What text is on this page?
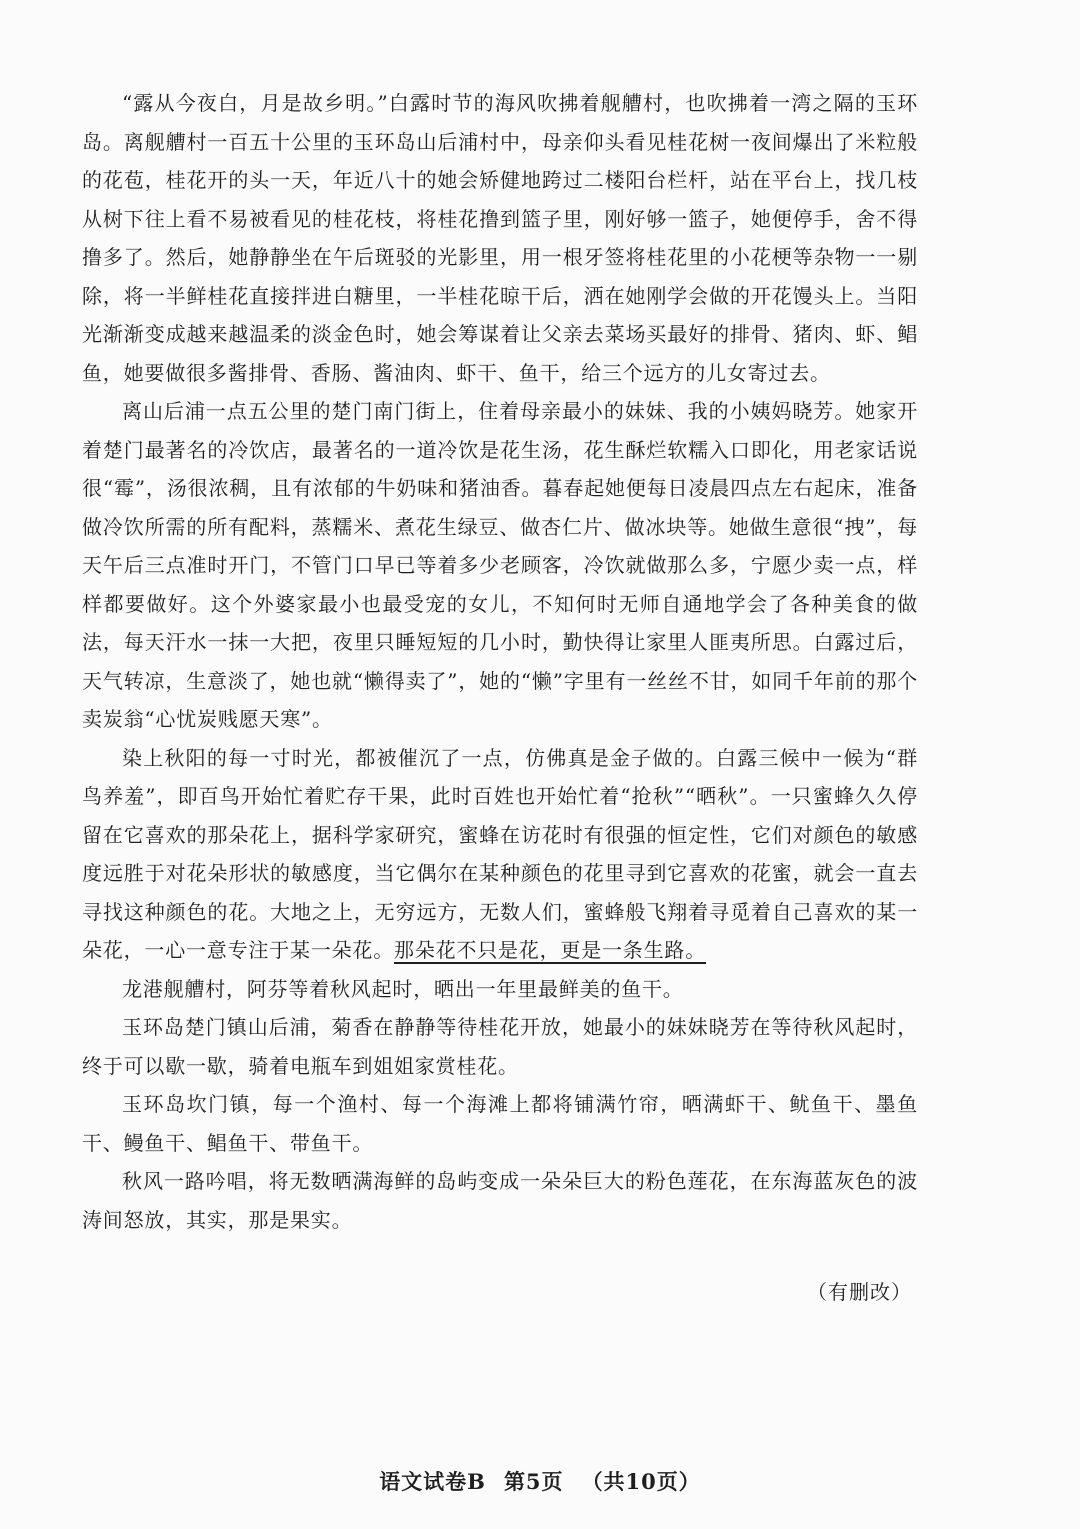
“露从今夜白，月是故乡明。”白露时节的海风吹拂着舰艚村，也吹拂着一湾之隔的玉环岛。离舰艚村一百五十公里的玉环岛山后浦村中，母亲仰头看见桂花树一夜间爆出了米粒般的花苞，桂花开的头一天，年近八十的她会矫健地跨过二楼阳台栏杆，站在平台上，找几枝从树下往上看不易被看见的桂花枝，将桂花撸到篮子里，刚好够一篮子，她便停手，舍不得撸多了。然后，她静静坐在午后斑驳的光影里，用一根牙签将桂花里的小花梗等杂物一一剔除，将一半鲜桂花直接拌进白糖里，一半桂花晾干后，洒在她刚学会做的开花馒头上。当阳光渐渐变成越来越温柔的淡金色时，她会筹谋着让父亲去菜场买最好的排骨、猪肉、虾、鲳鱼，她要做很多酱排骨、香肠、酱油肉、虾干、鱼干，给三个远方的儿女寄过去。

离山后浦一点五公里的楚门南门街上，住着母亲最小的妹妹、我的小姨妈晓芳。她家开着楚门最著名的冷饮店，最著名的一道冷饮是花生汤，花生酥烂软糯入口即化，用老家话说很“霉”，汤很浓稠，且有浓郁的牛奶味和猪油香。暮春起她便每日凌晨四点左右起床，准备做冷饮所需的所有配料，蒸糯米、煮花生绿豆、做杏仁片、做冰块等。她做生意很“拽”，每天午后三点准时开门，不管门口早已等着多少老顾客，冷饮就做那么多，宁愿少卖一点，样样都要做好。这个外婆家最小也最受宠的女儿，不知何时无师自通地学会了各种美食的做法，每天汗水一抹一大把，夜里只睡短短的几小时，勤快得让家里人匪夷所思。白露过后，天气转凉，生意淡了，她也就“懒得卖了”，她的“懒”字里有一丝丝不甘，如同千年前的那个卖炭翁“心忧炭贱愿天寒”。

染上秋阳的每一寸时光，都被催沉了一点，仿佛真是金子做的。白露三候中一候为“群鸟养羞”，即百鸟开始忙着贮存干果，此时百姓也开始忙着“抢秋”“晒秋”。一只蜜蜂久久停留在它喜欢的那朵花上，据科学家研究，蜜蜂在访花时有很强的恒定性，它们对颜色的敏感度远胜于对花朵形状的敏感度，当它偶尔在某种颜色的花里寻到它喜欢的花蜜，就会一直去寻找这种颜色的花。大地之上，无穷远方，无数人们，蜜蜂般飞翔着寻觅着自己喜欢的某一朵花，一心一意专注于某一朵花。那朵花不只是花，更是一条生路。

龙港舰艚村，阿芬等着秋风起时，晒出一年里最鲜美的鱼干。

玉环岛楚门镇山后浦，菊香在静静等待桂花开放，她最小的妹妹晓芳在等待秋风起时，终于可以歇一歇，骑着电瓶车到姐姐家赏桂花。

玉环岛坎门镇，每一个渔村、每一个海滩上都将铺满竹帘，晒满虾干、鱿鱼干、墨鱼干、鳗鱼干、鲳鱼干、带鱼干。

秋风一路吟唱，将无数晒满海鲜的岛屿变成一朵朵巨大的粉色莲花，在东海蓝灰色的波涛间怒放，其实，那是果实。

（有删改）
语文试卷B 第5页 （共10页）
